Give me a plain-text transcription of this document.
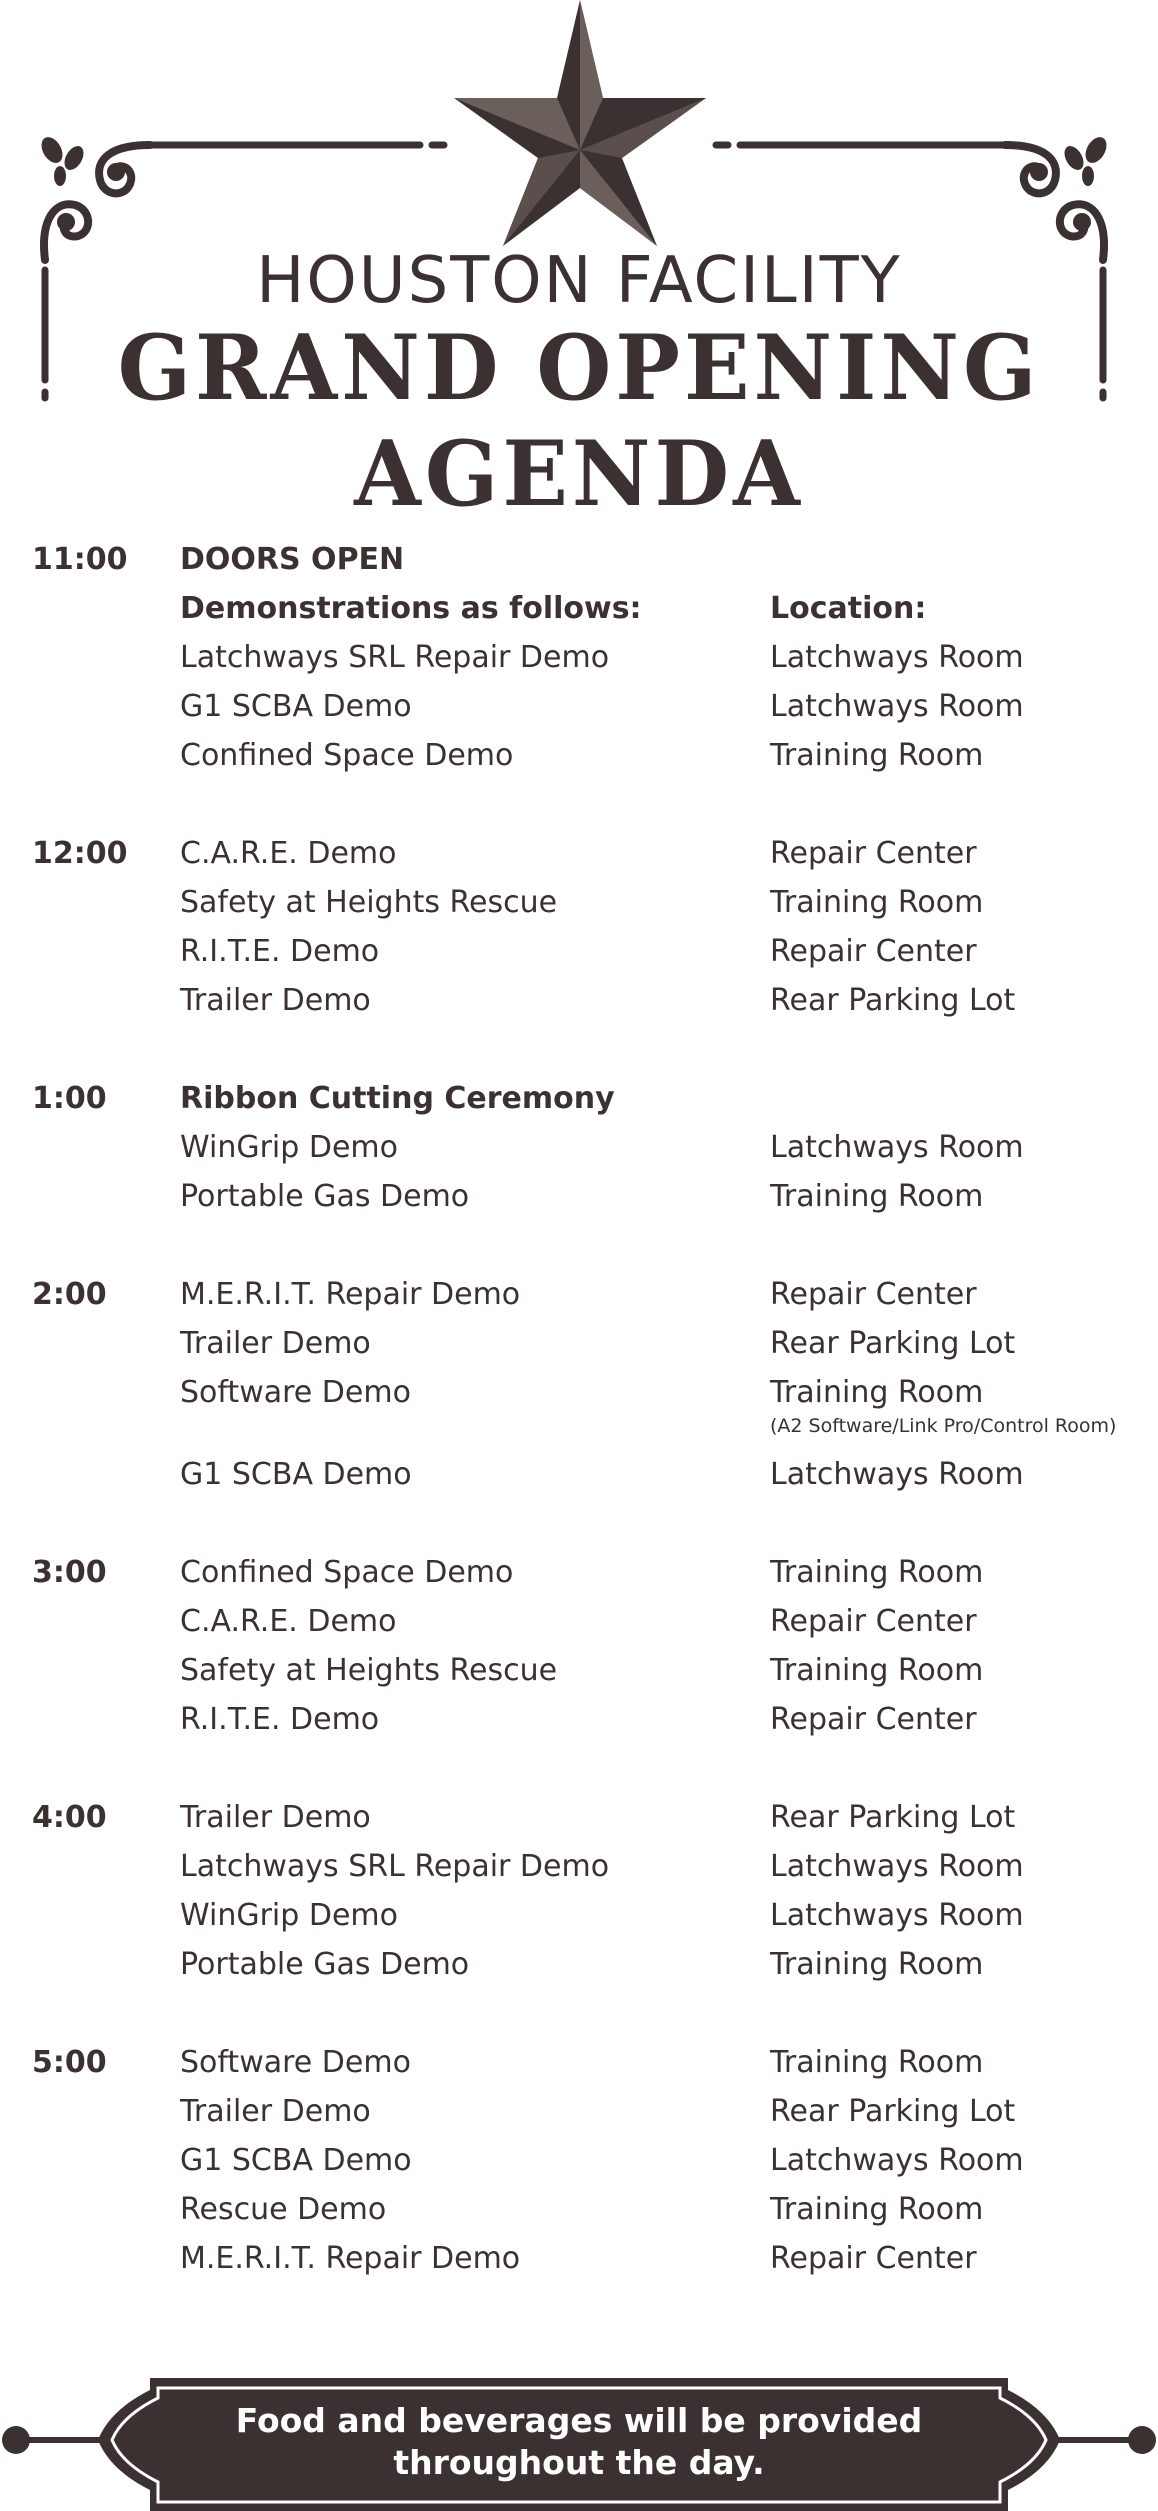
HOUSTON FACILITY
GRAND OPENING AGENDA
11:00 DOORS OPEN
Demonstrations as follows:	Location:
Latchways SRL Repair Demo	Latchways Room
G1 SCBA Demo	Latchways Room
Confined Space Demo	Training Room
12:00 C.A.R.E. Demo	Repair Center
Safety at Heights Rescue	Training Room
R.I.T.E. Demo	Repair Center
Trailer Demo	Rear Parking Lot
1:00 Ribbon Cutting Ceremony
WinGrip Demo	Latchways Room
Portable Gas Demo	Training Room
2:00 M.E.R.I.T. Repair Demo	Repair Center
Trailer Demo	Rear Parking Lot
Software Demo	Training Room
(A2 Software/Link Pro/Control Room)
G1 SCBA Demo	Latchways Room
3:00 Confined Space Demo	Training Room
C.A.R.E. Demo	Repair Center
Safety at Heights Rescue	Training Room
R.I.T.E. Demo	Repair Center
4:00 Trailer Demo	Rear Parking Lot
Latchways SRL Repair Demo	Latchways Room
WinGrip Demo	Latchways Room
Portable Gas Demo	Training Room
5:00 Software Demo	Training Room
Trailer Demo	Rear Parking Lot
G1 SCBA Demo	Latchways Room
Rescue Demo	Training Room
M.E.R.I.T. Repair Demo	Repair Center
Food and beverages will be provided
throughout the day.
